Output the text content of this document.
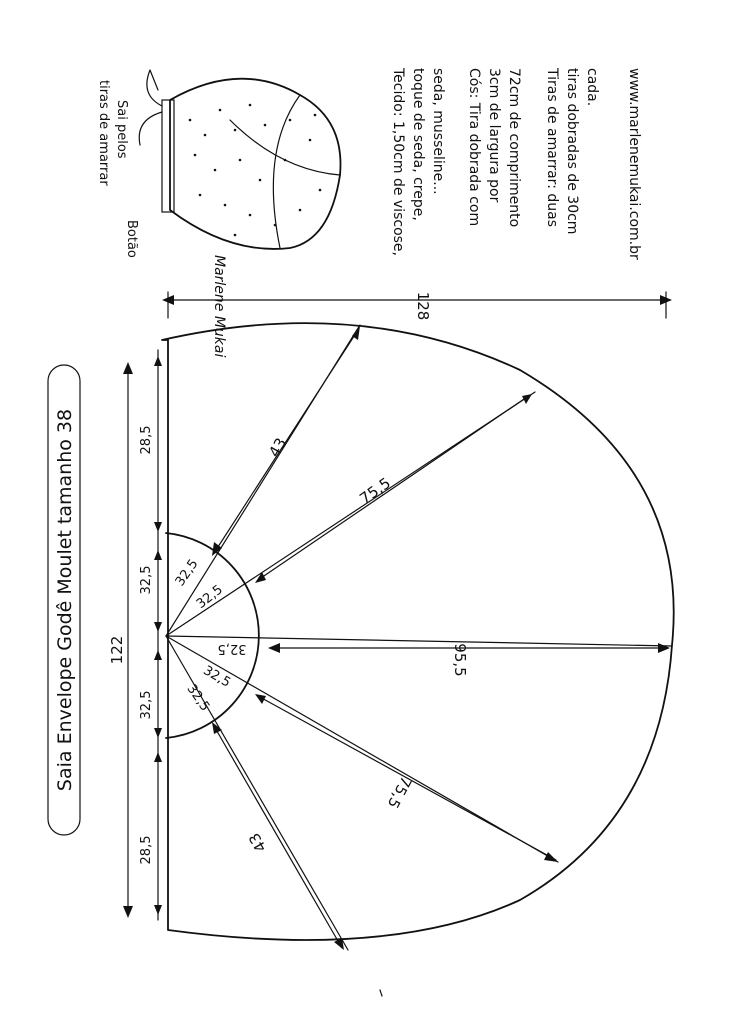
Saia Envelope Godê Moulet tamanho 38 122
28,5
32,5
32,5
28,5
128
43
75,5
95,5
75,5
43
32,5
32,5
32,5
32,5
32,5
Botão
tiras de amarrar Sai pelos
Marlene Mukai
Tecido: 1,50cm de viscose, toque de seda, crepe, seda, musseline... Cós: Tira dobrada com 3cm de largura por 72cm de comprimento Tiras de amarrar: duas tiras dobradas de 30cm cada. www.marlenemukai.com.br
